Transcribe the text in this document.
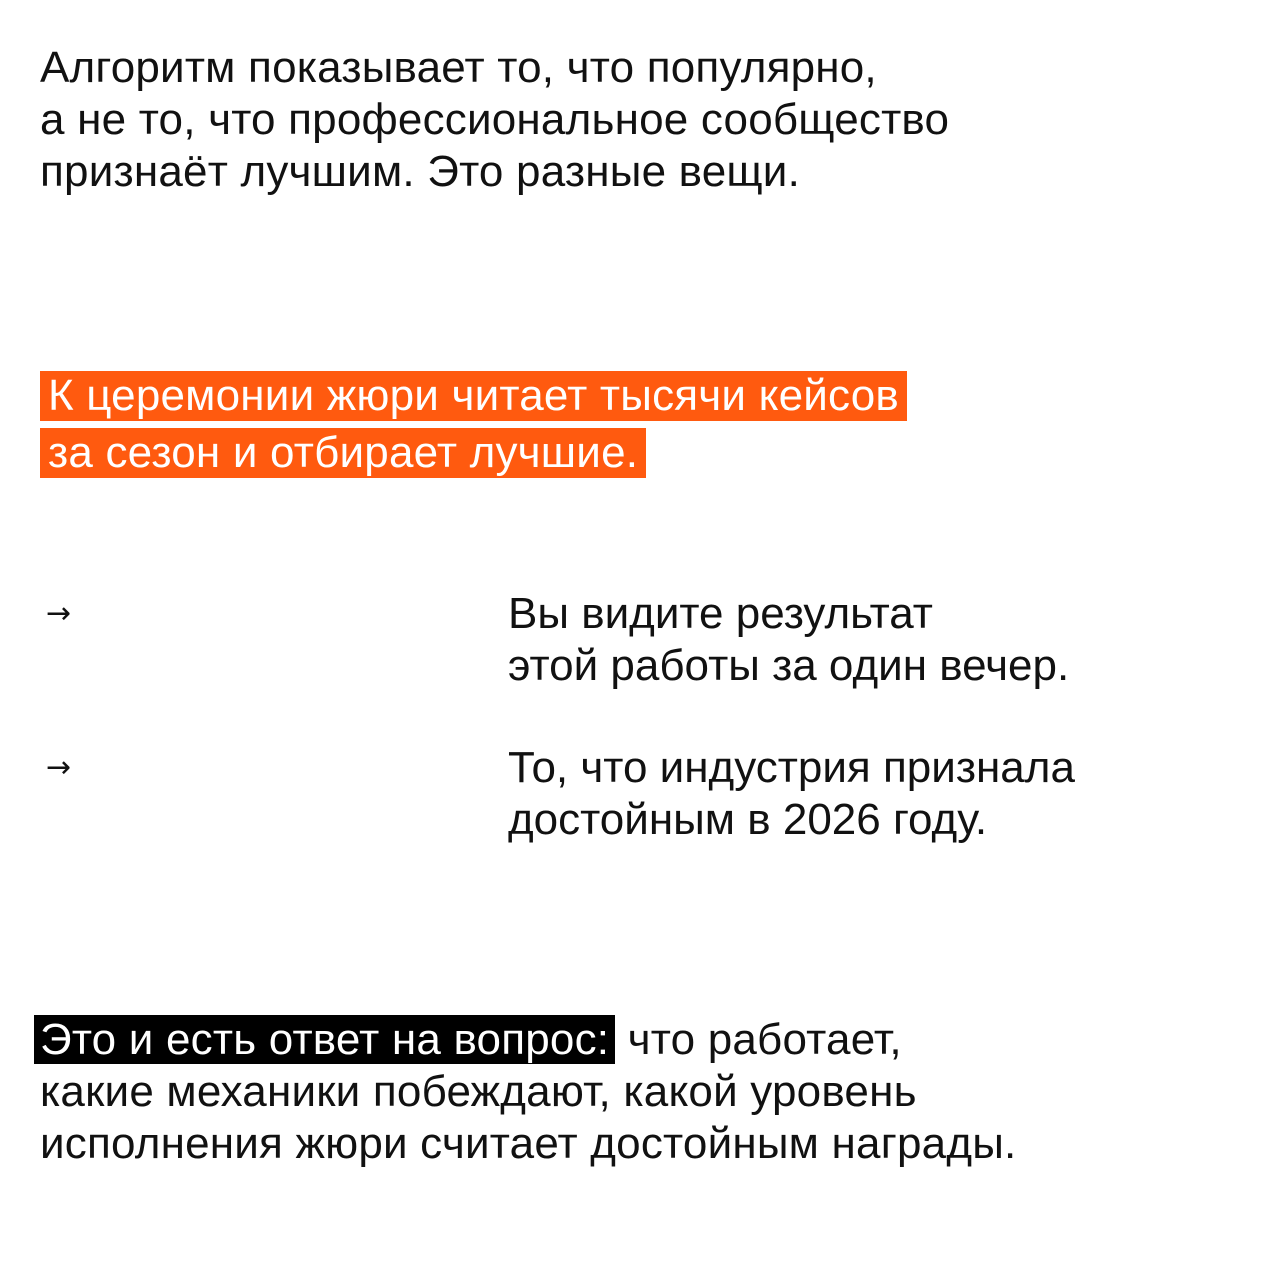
Алгоритм показывает то, что популярно,
а не то, что профессиональное сообщество
признаёт лучшим. Это разные вещи.
К церемонии жюри читает тысячи кейсов
за сезон и отбирает лучшие.
→	Вы видите результат
этой работы за один вечер.
→	То, что индустрия признала
достойным в 2026 году.
Это и есть ответ на вопрос: что работает,
какие механики побеждают, какой уровень
исполнения жюри считает достойным награды.
